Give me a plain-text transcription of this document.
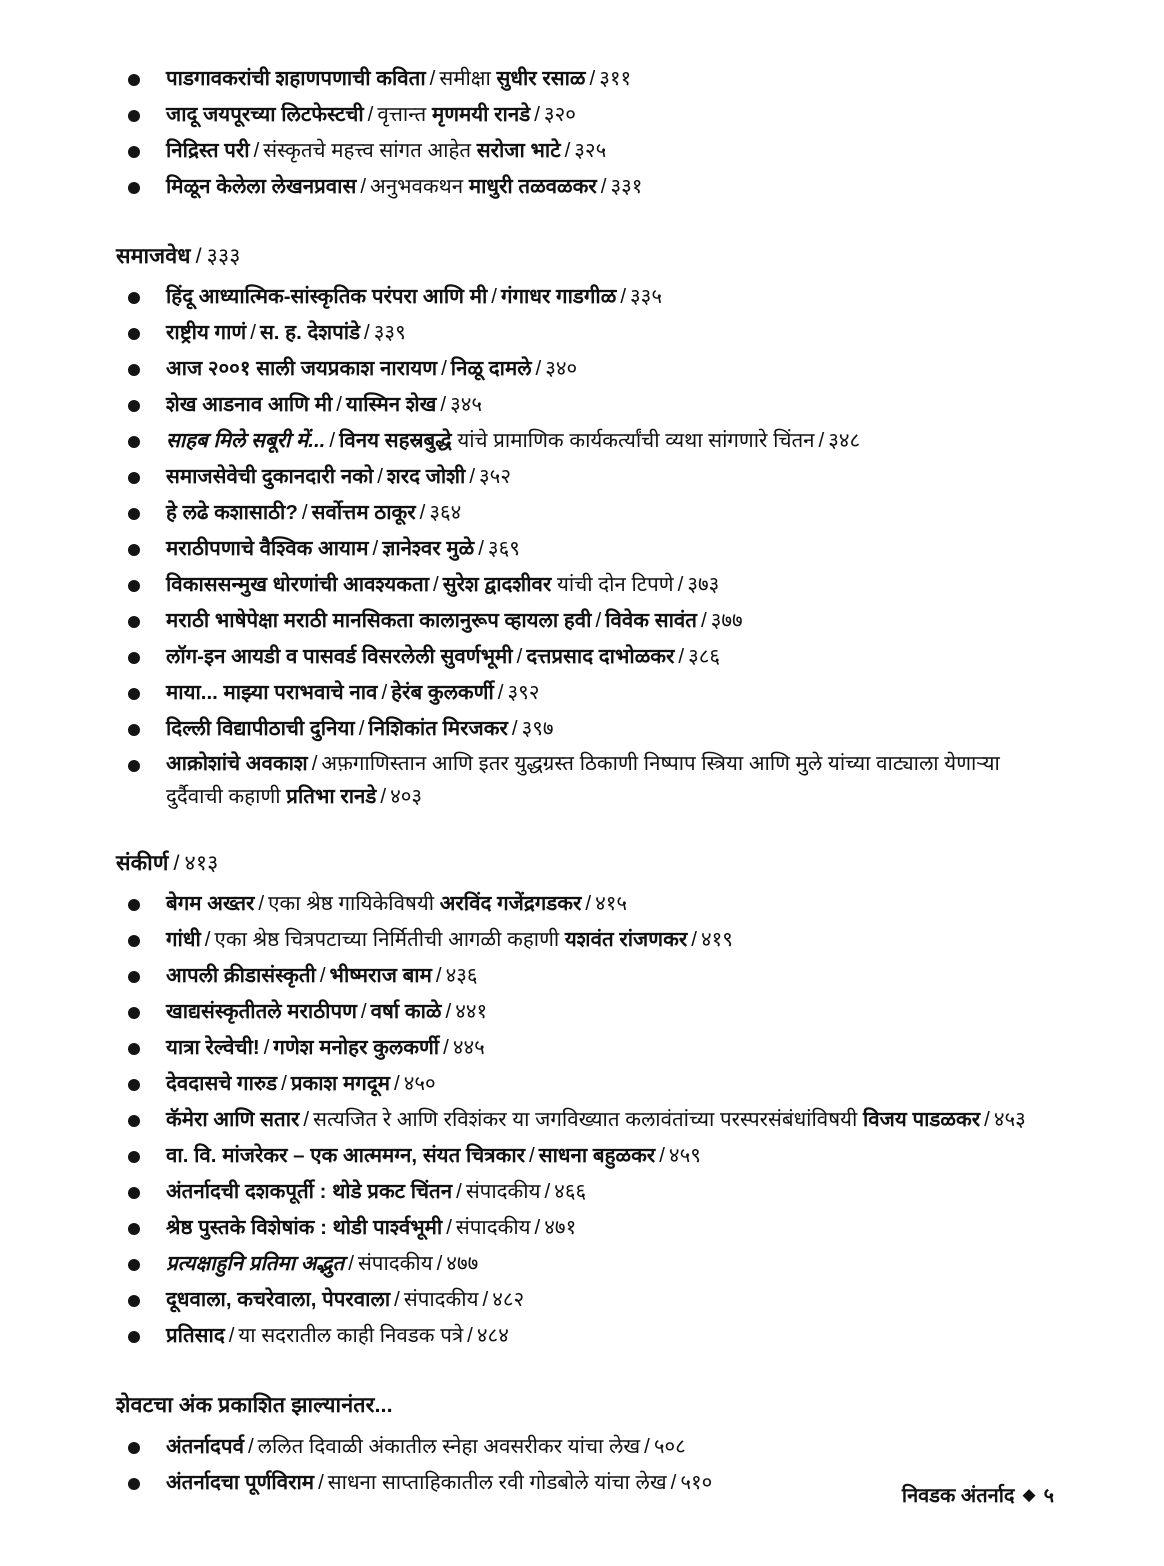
पाडगावकरांची शहाणपणाची कविता / समीक्षा सुधीर रसाळ / ३११
जादू जयपूरच्या लिटफेस्टची / वृत्तान्त मृणमयी रानडे / ३२०
निद्रिस्त परी / संस्कृतचे महत्त्व सांगत आहेत सरोजा भाटे / ३२५
मिळून केलेला लेखनप्रवास / अनुभवकथन माधुरी तळवळकर / ३३१
समाजवेध / ३३३
हिंदू आध्यात्मिक-सांस्कृतिक परंपरा आणि मी / गंगाधर गाडगीळ / ३३५
राष्ट्रीय गाणं / स. ह. देशपांडे / ३३९
आज २००१ साली जयप्रकाश नारायण / निळू दामले / ३४०
शेख आडनाव आणि मी / यास्मिन शेख / ३४५
साहब मिले सबूरी में... / विनय सहस्रबुद्धे यांचे प्रामाणिक कार्यकर्त्यांची व्यथा सांगणारे चिंतन / ३४८
समाजसेवेची दुकानदारी नको / शरद जोशी / ३५२
हे लढे कशासाठी? / सर्वोत्तम ठाकूर / ३६४
मराठीपणाचे वैश्विक आयाम / ज्ञानेश्वर मुळे / ३६९
विकाससन्मुख धोरणांची आवश्यकता / सुरेश द्वादशीवर यांची दोन टिपणे / ३७३
मराठी भाषेपेक्षा मराठी मानसिकता कालानुरूप व्हायला हवी / विवेक सावंत / ३७७
लॉग-इन आयडी व पासवर्ड विसरलेली सुवर्णभूमी / दत्तप्रसाद दाभोळकर / ३८६
माया... माझ्या पराभवाचे नाव / हेरंब कुलकर्णी / ३९२
दिल्ली विद्यापीठाची दुनिया / निशिकांत मिरजकर / ३९७
आक्रोशांचे अवकाश / अफ़गाणिस्तान आणि इतर युद्धग्रस्त ठिकाणी निष्पाप स्त्रिया आणि मुले यांच्या वाट्याला येणाऱ्या दुर्दैवाची कहाणी प्रतिभा रानडे / ४०३
संकीर्ण / ४१३
बेगम अख्तर / एका श्रेष्ठ गायिकेविषयी अरविंद गजेंद्रगडकर / ४१५
गांधी / एका श्रेष्ठ चित्रपटाच्या निर्मितीची आगळी कहाणी यशवंत रांजणकर / ४१९
आपली क्रीडासंस्कृती / भीष्मराज बाम / ४३६
खाद्यसंस्कृतीतले मराठीपण / वर्षा काळे / ४४१
यात्रा रेल्वेची! / गणेश मनोहर कुलकर्णी / ४४५
देवदासचे गारुड / प्रकाश मगदूम / ४५०
कॅमेरा आणि सतार / सत्यजित रे आणि रविशंकर या जगविख्यात कलावंतांच्या परस्परसंबंधांविषयी विजय पाडळकर / ४५३
वा. वि. मांजरेकर – एक आत्ममग्न, संयत चित्रकार / साधना बहुळकर / ४५९
अंतर्नादची दशकपूर्ती : थोडे प्रकट चिंतन / संपादकीय / ४६६
श्रेष्ठ पुस्तके विशेषांक : थोडी पार्श्वभूमी / संपादकीय / ४७१
प्रत्यक्षाहुनि प्रतिमा अद्भुत / संपादकीय / ४७७
दूधवाला, कचरेवाला, पेपरवाला / संपादकीय / ४८२
प्रतिसाद / या सदरातील काही निवडक पत्रे / ४८४
शेवटचा अंक प्रकाशित झाल्यानंतर...
अंतर्नादपर्व / ललित दिवाळी अंकातील स्नेहा अवसरीकर यांचा लेख / ५०८
अंतर्नादचा पूर्णविराम / साधना साप्ताहिकातील रवी गोडबोले यांचा लेख / ५१०
निवडक अंतर्नाद ◆ ५
